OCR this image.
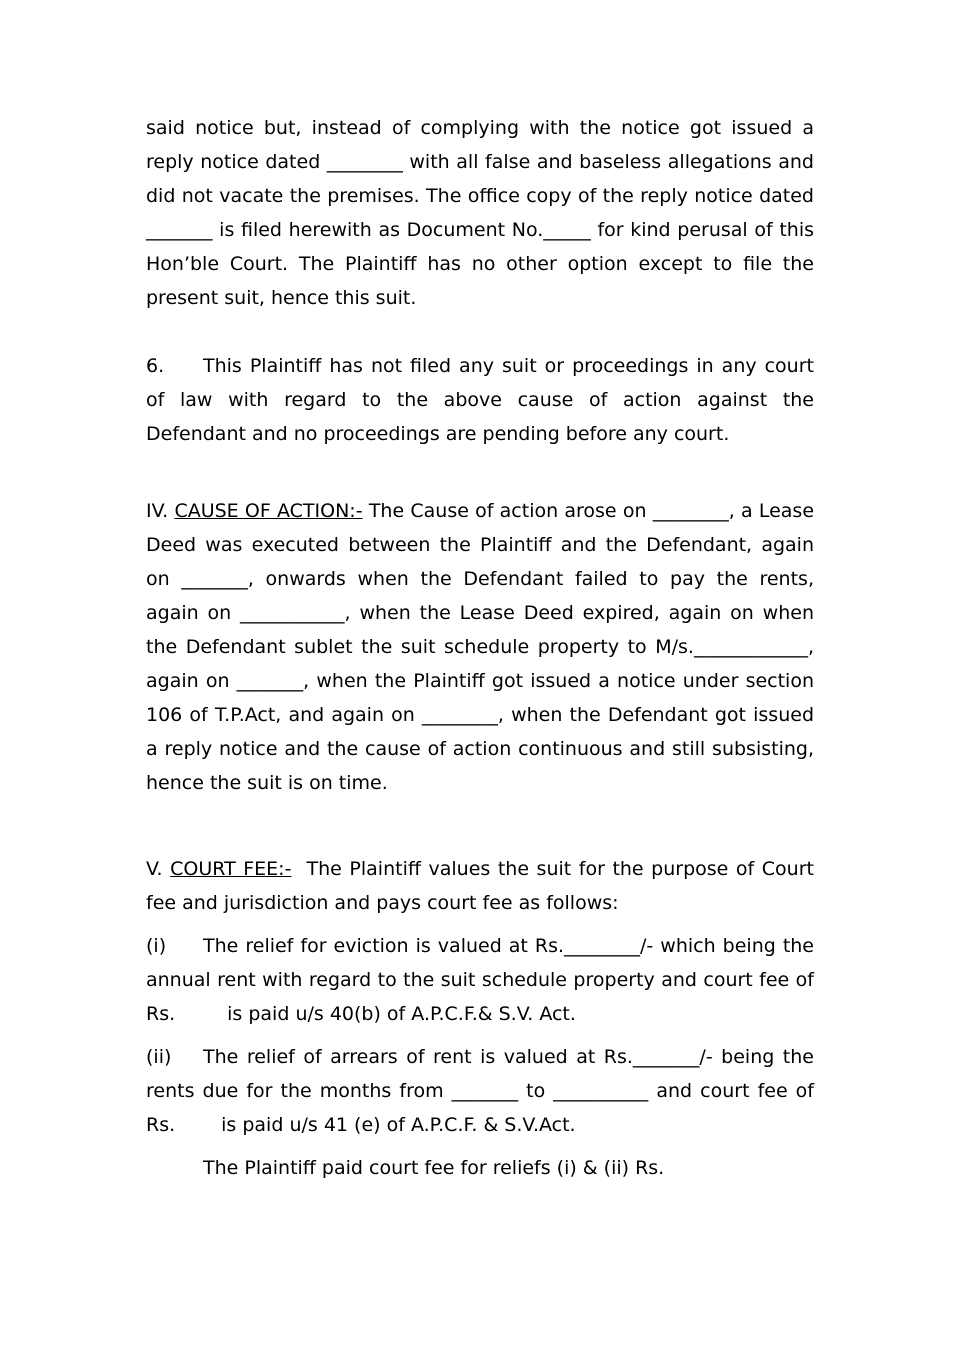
said notice but, instead of complying with the notice got issued a reply notice dated ________ with all false and baseless allegations and did not vacate the premises. The office copy of the reply notice dated _______ is filed herewith as Document No._____ for kind perusal of this Hon’ble Court. The Plaintiff has no other option except to file the present suit, hence this suit.

6. This Plaintiff has not filed any suit or proceedings in any court of law with regard to the above cause of action against the Defendant and no proceedings are pending before any court.

IV. CAUSE OF ACTION:- The Cause of action arose on ________, a Lease Deed was executed between the Plaintiff and the Defendant, again on _______, onwards when the Defendant failed to pay the rents, again on ___________, when the Lease Deed expired, again on when the Defendant sublet the suit schedule property to M/s.____________, again on _______, when the Plaintiff got issued a notice under section 106 of T.P.Act, and again on ________, when the Defendant got issued a reply notice and the cause of action continuous and still subsisting, hence the suit is on time.

V. COURT FEE:- The Plaintiff values the suit for the purpose of Court fee and jurisdiction and pays court fee as follows:

(i) The relief for eviction is valued at Rs.________/- which being the annual rent with regard to the suit schedule property and court fee of Rs.	is paid u/s 40(b) of A.P.C.F.& S.V. Act.

(ii) The relief of arrears of rent is valued at Rs._______/- being the rents due for the months from _______ to __________ and court fee of Rs. is paid u/s 41 (e) of A.P.C.F. & S.V.Act.

The Plaintiff paid court fee for reliefs (i) & (ii) Rs.
